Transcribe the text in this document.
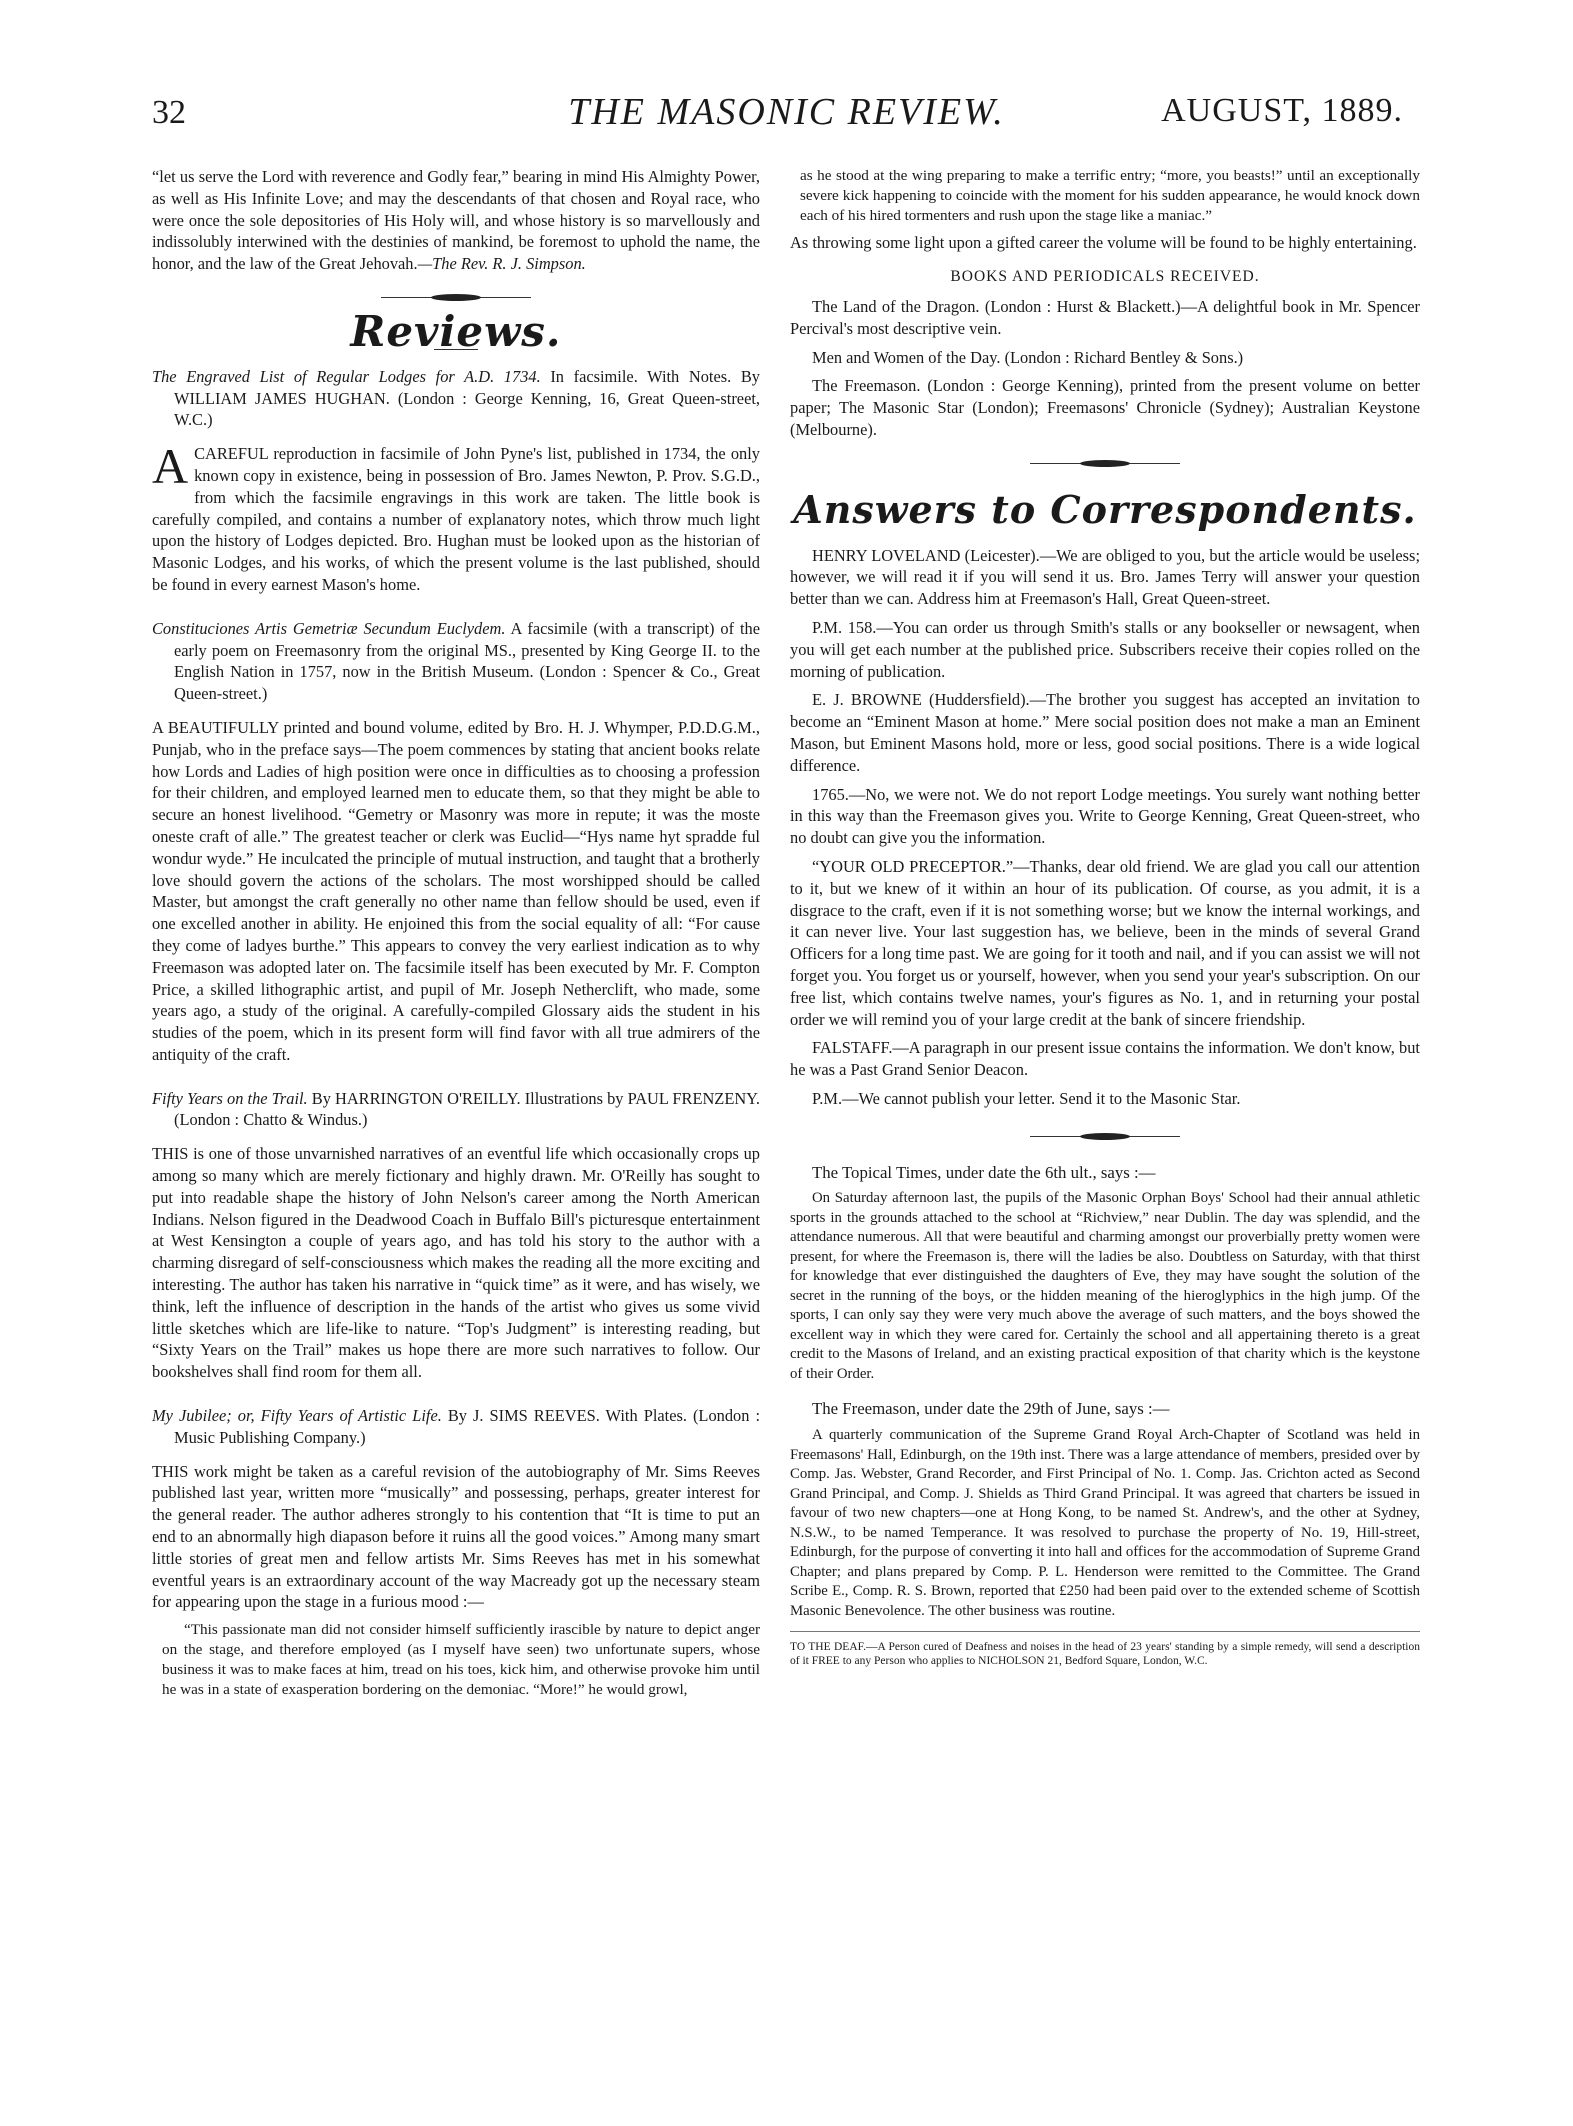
32	THE MASONIC REVIEW.	AUGUST, 1889.

“let us serve the Lord with reverence and Godly fear,” bearing in mind His Almighty Power, as well as His Infinite Love; and may the descendants of that chosen and Royal race, who were once the sole depositories of His Holy will, and whose history is so marvellously and indissolubly interwined with the destinies of mankind, be foremost to uphold the name, the honor, and the law of the Great Jehovah.—The Rev. R. J. Simpson.

Reviews.

The Engraved List of Regular Lodges for A.D. 1734. In facsimile. With Notes. By WILLIAM JAMES HUGHAN. (London : George Kenning, 16, Great Queen-street, W.C.)

A CAREFUL reproduction in facsimile of John Pyne's list, published in 1734, the only known copy in existence, being in possession of Bro. James Newton, P. Prov. S.G.D., from which the facsimile engravings in this work are taken. The little book is carefully compiled, and contains a number of explanatory notes, which throw much light upon the history of Lodges depicted. Bro. Hughan must be looked upon as the historian of Masonic Lodges, and his works, of which the present volume is the last published, should be found in every earnest Mason's home.

Constituciones Artis Gemetriæ Secundum Euclydem. A facsimile (with a transcript) of the early poem on Freemasonry from the original MS., presented by King George II. to the English Nation in 1757, now in the British Museum. (London : Spencer & Co., Great Queen-street.)

A BEAUTIFULLY printed and bound volume, edited by Bro. H. J. Whymper, P.D.D.G.M., Punjab, who in the preface says—The poem commences by stating that ancient books relate how Lords and Ladies of high position were once in difficulties as to choosing a profession for their children, and employed learned men to educate them, so that they might be able to secure an honest livelihood. “Gemetry or Masonry was more in repute; it was the moste oneste craft of alle.” The greatest teacher or clerk was Euclid—“Hys name hyt spradde ful wondur wyde.” He inculcated the principle of mutual instruction, and taught that a brotherly love should govern the actions of the scholars. The most worshipped should be called Master, but amongst the craft generally no other name than fellow should be used, even if one excelled another in ability. He enjoined this from the social equality of all: “For cause they come of ladyes burthe.” This appears to convey the very earliest indication as to why Freemason was adopted later on. The facsimile itself has been executed by Mr. F. Compton Price, a skilled lithographic artist, and pupil of Mr. Joseph Netherclift, who made, some years ago, a study of the original. A carefully-compiled Glossary aids the student in his studies of the poem, which in its present form will find favor with all true admirers of the antiquity of the craft.

Fifty Years on the Trail. By HARRINGTON O'REILLY. Illustrations by PAUL FRENZENY. (London : Chatto & Windus.)

THIS is one of those unvarnished narratives of an eventful life which occasionally crops up among so many which are merely fictionary and highly drawn. Mr. O'Reilly has sought to put into readable shape the history of John Nelson's career among the North American Indians. Nelson figured in the Deadwood Coach in Buffalo Bill's picturesque entertainment at West Kensington a couple of years ago, and has told his story to the author with a charming disregard of self-consciousness which makes the reading all the more exciting and interesting. The author has taken his narrative in “quick time” as it were, and has wisely, we think, left the influence of description in the hands of the artist who gives us some vivid little sketches which are life-like to nature. “Top's Judgment” is interesting reading, but “Sixty Years on the Trail” makes us hope there are more such narratives to follow. Our bookshelves shall find room for them all.

My Jubilee; or, Fifty Years of Artistic Life. By J. SIMS REEVES. With Plates. (London : Music Publishing Company.)

THIS work might be taken as a careful revision of the autobiography of Mr. Sims Reeves published last year, written more “musically” and possessing, perhaps, greater interest for the general reader. The author adheres strongly to his contention that “It is time to put an end to an abnormally high diapason before it ruins all the good voices.” Among many smart little stories of great men and fellow artists Mr. Sims Reeves has met in his somewhat eventful years is an extraordinary account of the way Macready got up the necessary steam for appearing upon the stage in a furious mood :—

“This passionate man did not consider himself sufficiently irascible by nature to depict anger on the stage, and therefore employed (as I myself have seen) two unfortunate supers, whose business it was to make faces at him, tread on his toes, kick him, and otherwise provoke him until he was in a state of exasperation bordering on the demoniac. “More!” he would growl,

as he stood at the wing preparing to make a terrific entry; “more, you beasts!” until an exceptionally severe kick happening to coincide with the moment for his sudden appearance, he would knock down each of his hired tormenters and rush upon the stage like a maniac.”

As throwing some light upon a gifted career the volume will be found to be highly entertaining.

BOOKS AND PERIODICALS RECEIVED.

The Land of the Dragon. (London : Hurst & Blackett.)—A delightful book in Mr. Spencer Percival's most descriptive vein.

Men and Women of the Day. (London : Richard Bentley & Sons.)

The Freemason. (London : George Kenning), printed from the present volume on better paper; The Masonic Star (London); Freemasons' Chronicle (Sydney); Australian Keystone (Melbourne).

Answers to Correspondents.

HENRY LOVELAND (Leicester).—We are obliged to you, but the article would be useless; however, we will read it if you will send it us. Bro. James Terry will answer your question better than we can. Address him at Freemason's Hall, Great Queen-street.

P.M. 158.—You can order us through Smith's stalls or any bookseller or newsagent, when you will get each number at the published price. Subscribers receive their copies rolled on the morning of publication.

E. J. BROWNE (Huddersfield).—The brother you suggest has accepted an invitation to become an “Eminent Mason at home.” Mere social position does not make a man an Eminent Mason, but Eminent Masons hold, more or less, good social positions. There is a wide logical difference.

1765.—No, we were not. We do not report Lodge meetings. You surely want nothing better in this way than the Freemason gives you. Write to George Kenning, Great Queen-street, who no doubt can give you the information.

“YOUR OLD PRECEPTOR.”—Thanks, dear old friend. We are glad you call our attention to it, but we knew of it within an hour of its publication. Of course, as you admit, it is a disgrace to the craft, even if it is not something worse; but we know the internal workings, and it can never live. Your last suggestion has, we believe, been in the minds of several Grand Officers for a long time past. We are going for it tooth and nail, and if you can assist we will not forget you. You forget us or yourself, however, when you send your year's subscription. On our free list, which contains twelve names, your's figures as No. 1, and in returning your postal order we will remind you of your large credit at the bank of sincere friendship.

FALSTAFF.—A paragraph in our present issue contains the information. We don't know, but he was a Past Grand Senior Deacon.

P.M.—We cannot publish your letter. Send it to the Masonic Star.

The Topical Times, under date the 6th ult., says :—

On Saturday afternoon last, the pupils of the Masonic Orphan Boys' School had their annual athletic sports in the grounds attached to the school at “Richview,” near Dublin. The day was splendid, and the attendance numerous. All that were beautiful and charming amongst our proverbially pretty women were present, for where the Freemason is, there will the ladies be also. Doubtless on Saturday, with that thirst for knowledge that ever distinguished the daughters of Eve, they may have sought the solution of the secret in the running of the boys, or the hidden meaning of the hieroglyphics in the high jump. Of the sports, I can only say they were very much above the average of such matters, and the boys showed the excellent way in which they were cared for. Certainly the school and all appertaining thereto is a great credit to the Masons of Ireland, and an existing practical exposition of that charity which is the keystone of their Order.

The Freemason, under date the 29th of June, says :—

A quarterly communication of the Supreme Grand Royal Arch-Chapter of Scotland was held in Freemasons' Hall, Edinburgh, on the 19th inst. There was a large attendance of members, presided over by Comp. Jas. Webster, Grand Recorder, and First Principal of No. 1. Comp. Jas. Crichton acted as Second Grand Principal, and Comp. J. Shields as Third Grand Principal. It was agreed that charters be issued in favour of two new chapters—one at Hong Kong, to be named St. Andrew's, and the other at Sydney, N.S.W., to be named Temperance. It was resolved to purchase the property of No. 19, Hill-street, Edinburgh, for the purpose of converting it into hall and offices for the accommodation of Supreme Grand Chapter; and plans prepared by Comp. P. L. Henderson were remitted to the Committee. The Grand Scribe E., Comp. R. S. Brown, reported that £250 had been paid over to the extended scheme of Scottish Masonic Benevolence. The other business was routine.

TO THE DEAF.—A Person cured of Deafness and noises in the head of 23 years' standing by a simple remedy, will send a description of it FREE to any Person who applies to NICHOLSON 21, Bedford Square, London, W.C.
